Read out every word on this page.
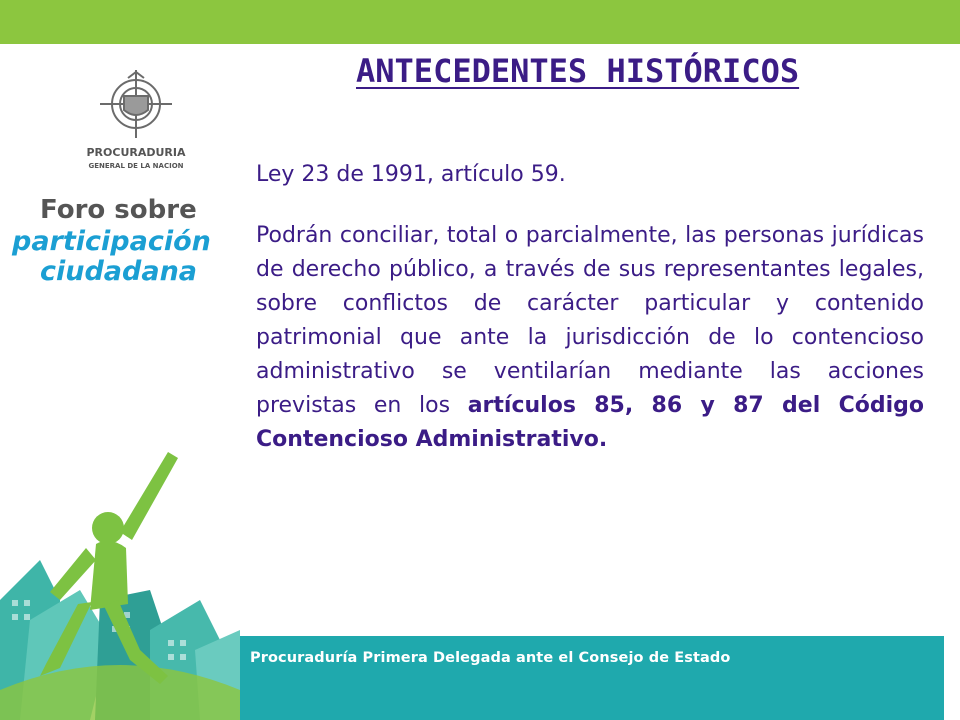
PROCURADURIA
GENERAL DE LA NACION
Foro sobre
participación
ciudadana
ANTECEDENTES HISTÓRICOS

Ley 23 de 1991, artículo 59.

Podrán conciliar, total o parcialmente, las personas jurídicas de derecho público, a través de sus representantes legales, sobre conflictos de carácter particular y contenido patrimonial que ante la jurisdicción de lo contencioso administrativo se ventilarían mediante las acciones previstas en los artículos 85, 86 y 87 del Código Contencioso Administrativo.

Procuraduría Primera Delegada ante el Consejo de Estado
